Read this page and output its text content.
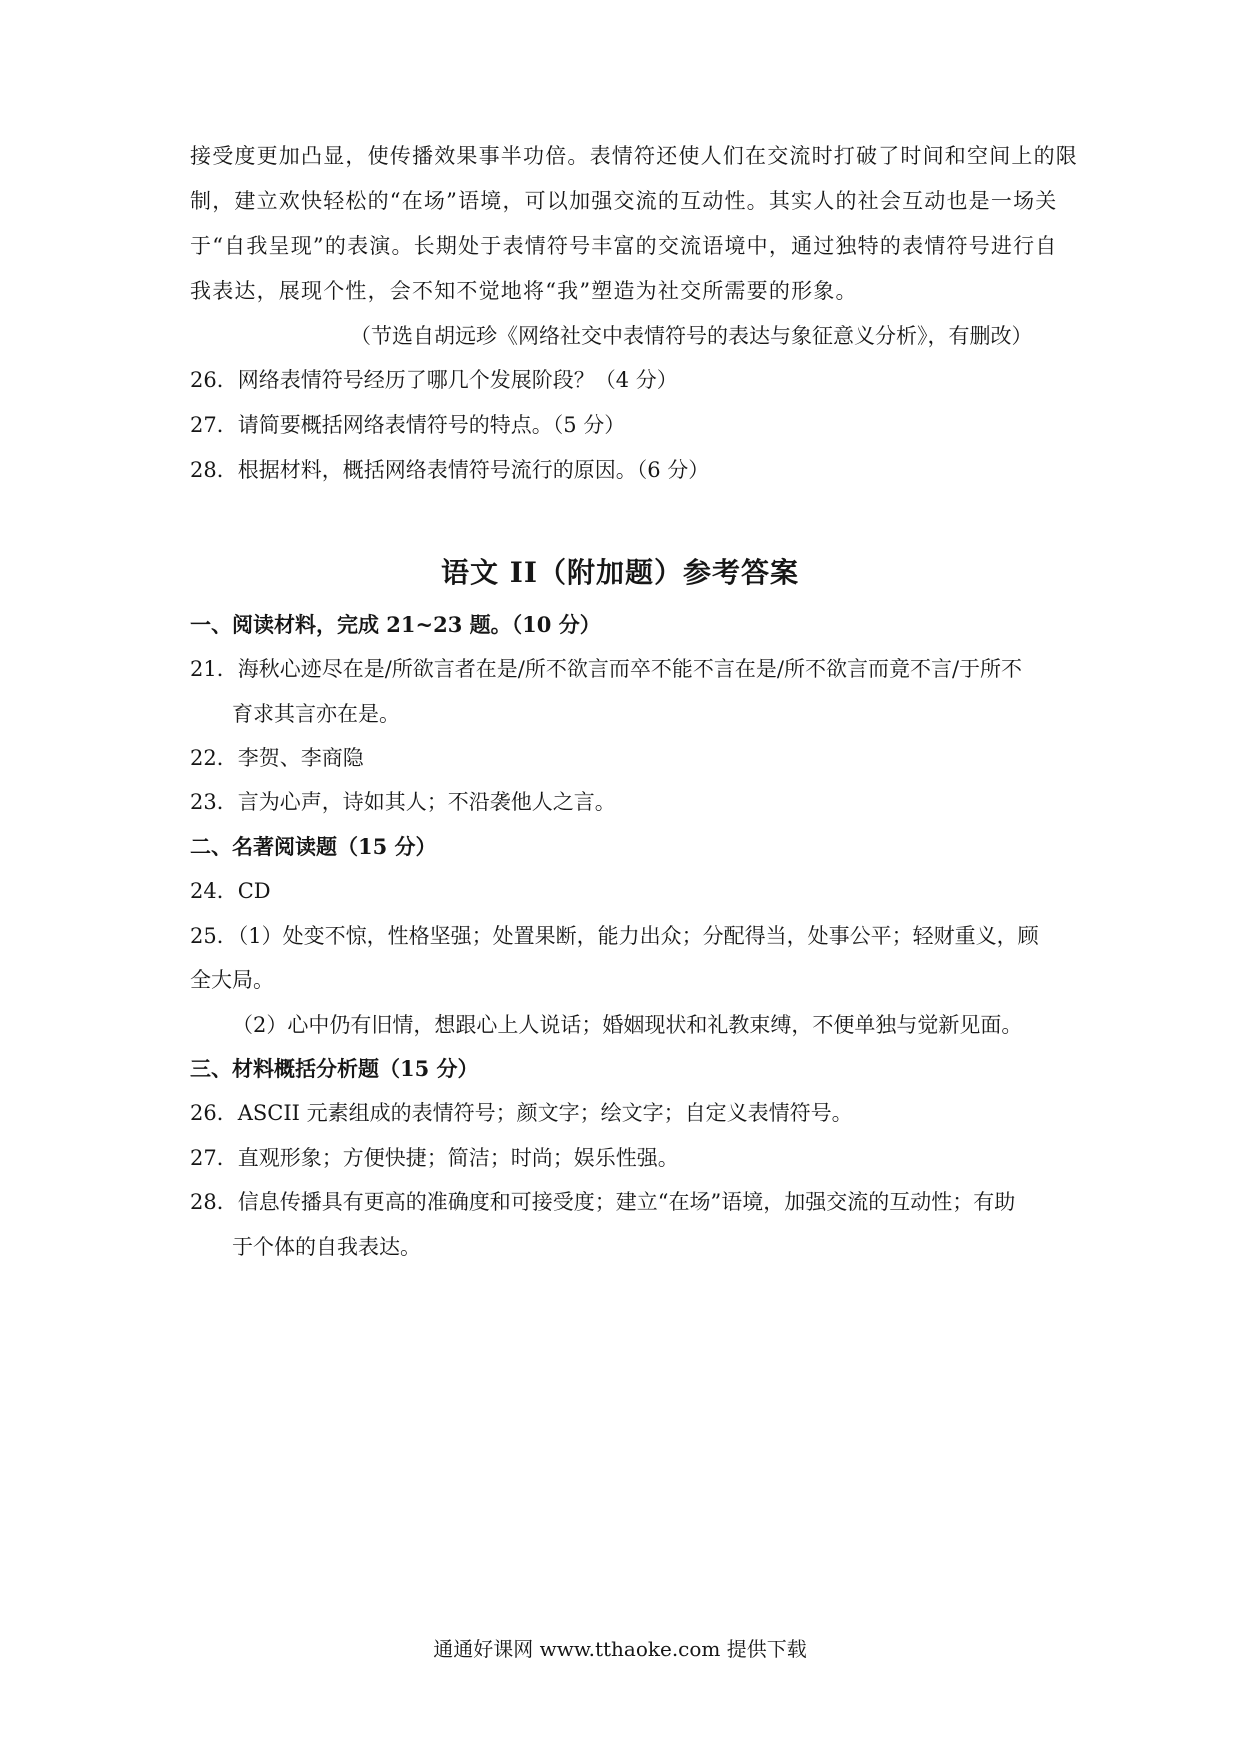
接受度更加凸显，使传播效果事半功倍。表情符还使人们在交流时打破了时间和空间上的限
制，建立欢快轻松的“在场”语境，可以加强交流的互动性。其实人的社会互动也是一场关
于“自我呈现”的表演。长期处于表情符号丰富的交流语境中，通过独特的表情符号进行自
我表达，展现个性，会不知不觉地将“我”塑造为社交所需要的形象。
（节选自胡远珍《网络社交中表情符号的表达与象征意义分析》，有删改）
26．网络表情符号经历了哪几个发展阶段？（4 分）
27．请简要概括网络表情符号的特点。（5 分）
28．根据材料，概括网络表情符号流行的原因。（6 分）
语文 II（附加题）参考答案
一、阅读材料，完成 21~23 题。（10 分）
21．海秋心迹尽在是/所欲言者在是/所不欲言而卒不能不言在是/所不欲言而竟不言/于所不
育求其言亦在是。
22．李贺、李商隐
23．言为心声，诗如其人；不沿袭他人之言。
二、名著阅读题（15 分）
24．CD
25．（1）处变不惊，性格坚强；处置果断，能力出众；分配得当，处事公平；轻财重义，顾
全大局。
（2）心中仍有旧情，想跟心上人说话；婚姻现状和礼教束缚，不便单独与觉新见面。
三、材料概括分析题（15 分）
26．ASCII 元素组成的表情符号；颜文字；绘文字；自定义表情符号。
27．直观形象；方便快捷；简洁；时尚；娱乐性强。
28．信息传播具有更高的准确度和可接受度；建立“在场”语境，加强交流的互动性；有助
于个体的自我表达。
通通好课网 www.tthaoke.com 提供下载
